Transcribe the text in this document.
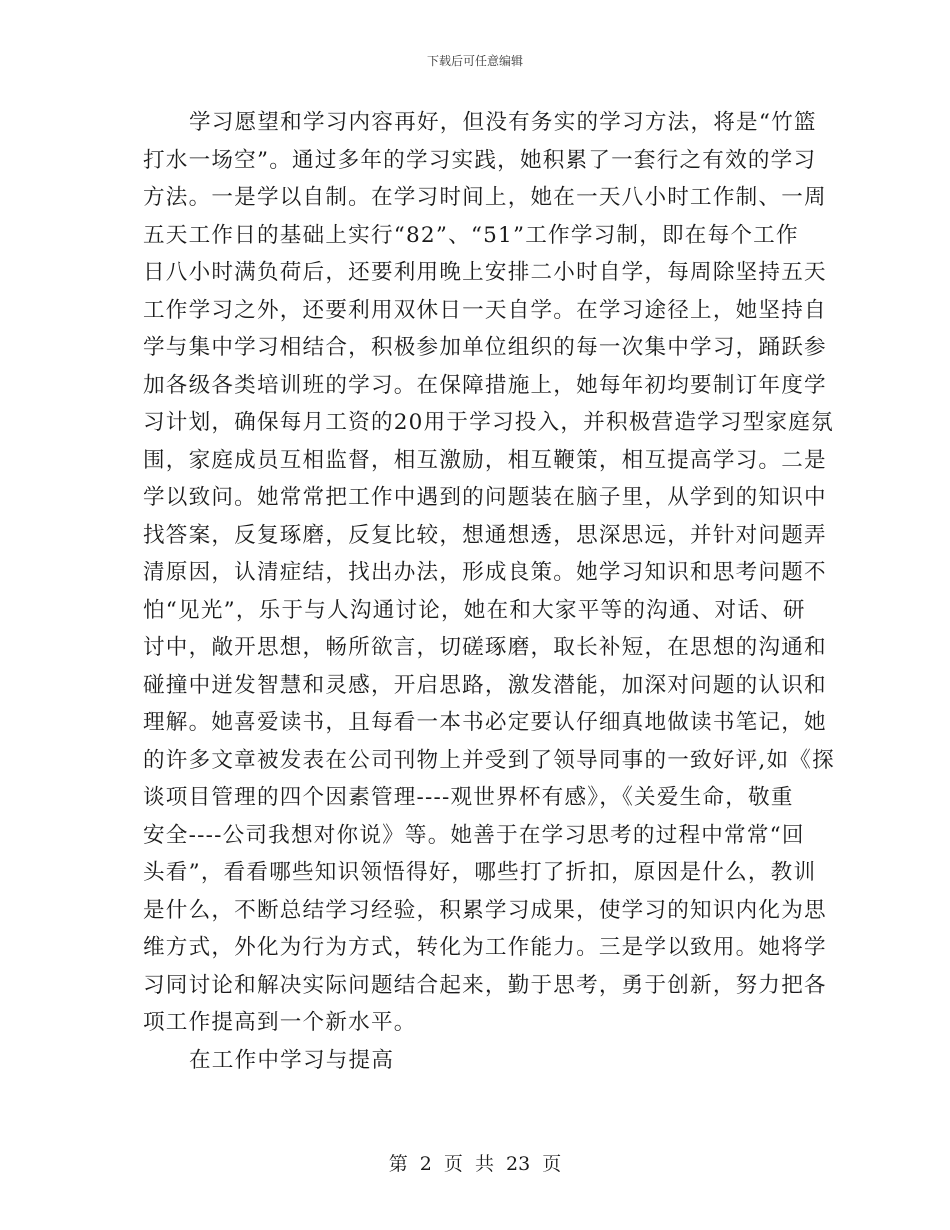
下载后可任意编辑
学习愿望和学习内容再好，但没有务实的学习方法，将是“竹篮
打水一场空”。通过多年的学习实践，她积累了一套行之有效的学习
方法。一是学以自制。在学习时间上，她在一天八小时工作制、一周
五天工作日的基础上实行“82”、“51”工作学习制，即在每个工作
日八小时满负荷后，还要利用晚上安排二小时自学，每周除坚持五天
工作学习之外，还要利用双休日一天自学。在学习途径上，她坚持自
学与集中学习相结合，积极参加单位组织的每一次集中学习，踊跃参
加各级各类培训班的学习。在保障措施上，她每年初均要制订年度学
习计划，确保每月工资的20用于学习投入，并积极营造学习型家庭氛
围，家庭成员互相监督，相互激励，相互鞭策，相互提高学习。二是
学以致问。她常常把工作中遇到的问题装在脑子里，从学到的知识中
找答案，反复琢磨，反复比较，想通想透，思深思远，并针对问题弄
清原因，认清症结，找出办法，形成良策。她学习知识和思考问题不
怕“见光”，乐于与人沟通讨论，她在和大家平等的沟通、对话、研
讨中，敞开思想，畅所欲言，切磋琢磨，取长补短，在思想的沟通和
碰撞中迸发智慧和灵感，开启思路，激发潜能，加深对问题的认识和
理解。她喜爱读书，且每看一本书必定要认仔细真地做读书笔记，她
的许多文章被发表在公司刊物上并受到了领导同事的一致好评,如《探
谈项目管理的四个因素管理----观世界杯有感》，《关爱生命，敬重
安全----公司我想对你说》等。她善于在学习思考的过程中常常“回
头看”，看看哪些知识领悟得好，哪些打了折扣，原因是什么，教训
是什么，不断总结学习经验，积累学习成果，使学习的知识内化为思
维方式，外化为行为方式，转化为工作能力。三是学以致用。她将学
习同讨论和解决实际问题结合起来，勤于思考，勇于创新，努力把各
项工作提高到一个新水平。
在工作中学习与提高
第 2 页 共 23 页
